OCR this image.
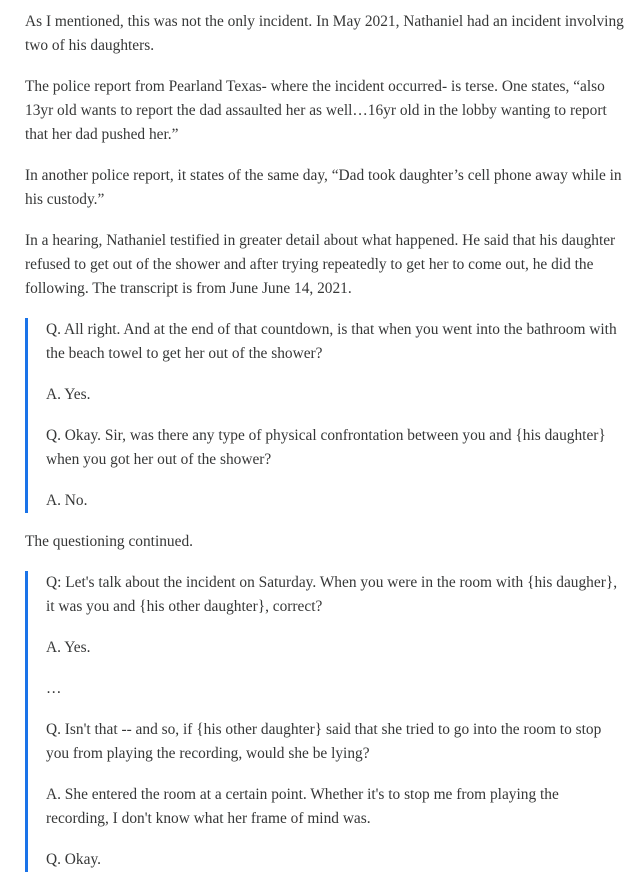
As I mentioned, this was not the only incident. In May 2021, Nathaniel had an incident involving two of his daughters.

The police report from Pearland Texas- where the incident occurred- is terse. One states, “also 13yr old wants to report the dad assaulted her as well…16yr old in the lobby wanting to report that her dad pushed her.”

In another police report, it states of the same day, “Dad took daughter’s cell phone away while in his custody.”

In a hearing, Nathaniel testified in greater detail about what happened. He said that his daughter refused to get out of the shower and after trying repeatedly to get her to come out, he did the following. The transcript is from June June 14, 2021.

Q. All right. And at the end of that countdown, is that when you went into the bathroom with the beach towel to get her out of the shower?

A. Yes.

Q. Okay. Sir, was there any type of physical confrontation between you and {his daughter} when you got her out of the shower?

A. No.

The questioning continued.

Q: Let's talk about the incident on Saturday. When you were in the room with {his daugher}, it was you and {his other daughter}, correct?

A. Yes.

…

Q. Isn't that -- and so, if {his other daughter} said that she tried to go into the room to stop you from playing the recording, would she be lying?

A. She entered the room at a certain point. Whether it's to stop me from playing the recording, I don't know what her frame of mind was.

Q. Okay.
